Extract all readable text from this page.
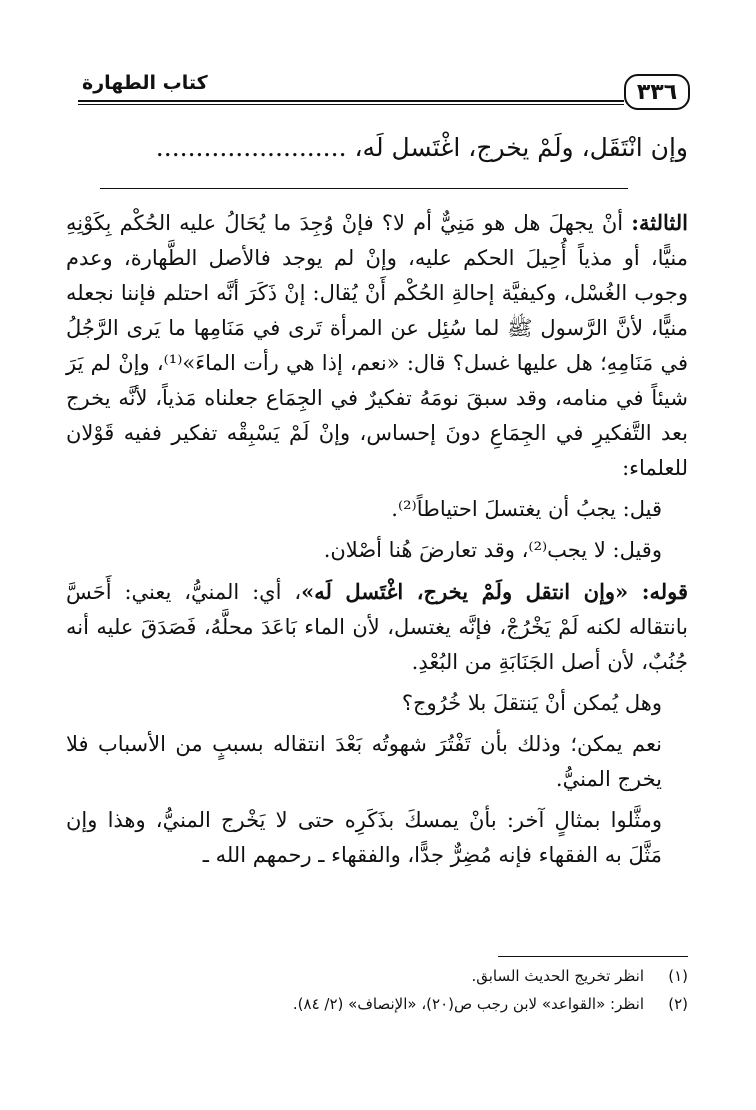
٣٣٦
كتاب الطهارة
وإن انْتَقَل، ولَمْ يخرج، اغْتَسل لَه، ........................

الثالثة: أنْ يجهلَ هل هو مَنِيٌّ أم لا؟ فإنْ وُجِدَ ما يُحَالُ عليه الحُكْم بِكَوْنِهِ منيًّا، أو مذياً أُحِيلَ الحكم عليه، وإنْ لم يوجد فالأصل الطَّهارة، وعدم وجوب الغُسْل، وكيفيَّة إحالةِ الحُكْم أَنْ يُقال: إنْ ذَكَرَ أنَّه احتلم فإننا نجعله منيًّا، لأنَّ الرَّسول ﷺ لما سُئِل عن المرأة تَرى في مَنَامِها ما يَرى الرَّجُلُ في مَنَامِهِ؛ هل عليها غسل؟ قال: «نعم، إذا هي رأت الماءَ»⁽¹⁾، وإنْ لم يَرَ شيئاً في منامه، وقد سبقَ نومَهُ تفكيرٌ في الجِمَاع جعلناه مَذياً، لأنَّه يخرج بعد التَّفكيرِ في الجِمَاعِ دونَ إحساس، وإنْ لَمْ يَسْبِقْه تفكير ففيه قَوْلان للعلماء:

قيل: يجبُ أن يغتسلَ احتياطاً⁽²⁾.

وقيل: لا يجب⁽²⁾، وقد تعارضَ هُنا أصْلان.

قوله: «وإن انتقل ولَمْ يخرج، اغْتَسل لَه»، أي: المنيُّ، يعني: أَحَسَّ بانتقاله لكنه لَمْ يَخْرُجْ، فإنَّه يغتسل، لأن الماء بَاعَدَ محلَّهُ، فَصَدَقَ عليه أنه جُنُبٌ، لأن أصل الجَنَابَةِ من البُعْدِ.

وهل يُمكن أنْ يَنتقلَ بلا خُرُوج؟

نعم يمكن؛ وذلك بأن تَفْتُرَ شهوتُه بَعْدَ انتقاله بسببٍ من الأسباب فلا يخرج المنيُّ.

ومثَّلوا بمثالٍ آخر: بأنْ يمسكَ بذَكَرِه حتى لا يَخْرج المنيُّ، وهذا وإن مَثَّلَ به الفقهاء فإنه مُضِرٌّ جدًّا، والفقهاء ـ رحمهم الله ـ

(١)
انظر تخريج الحديث السابق.
(٢)
انظر: «القواعد» لابن رجب ص(٢٠)، «الإنصاف» (٢/ ٨٤).
